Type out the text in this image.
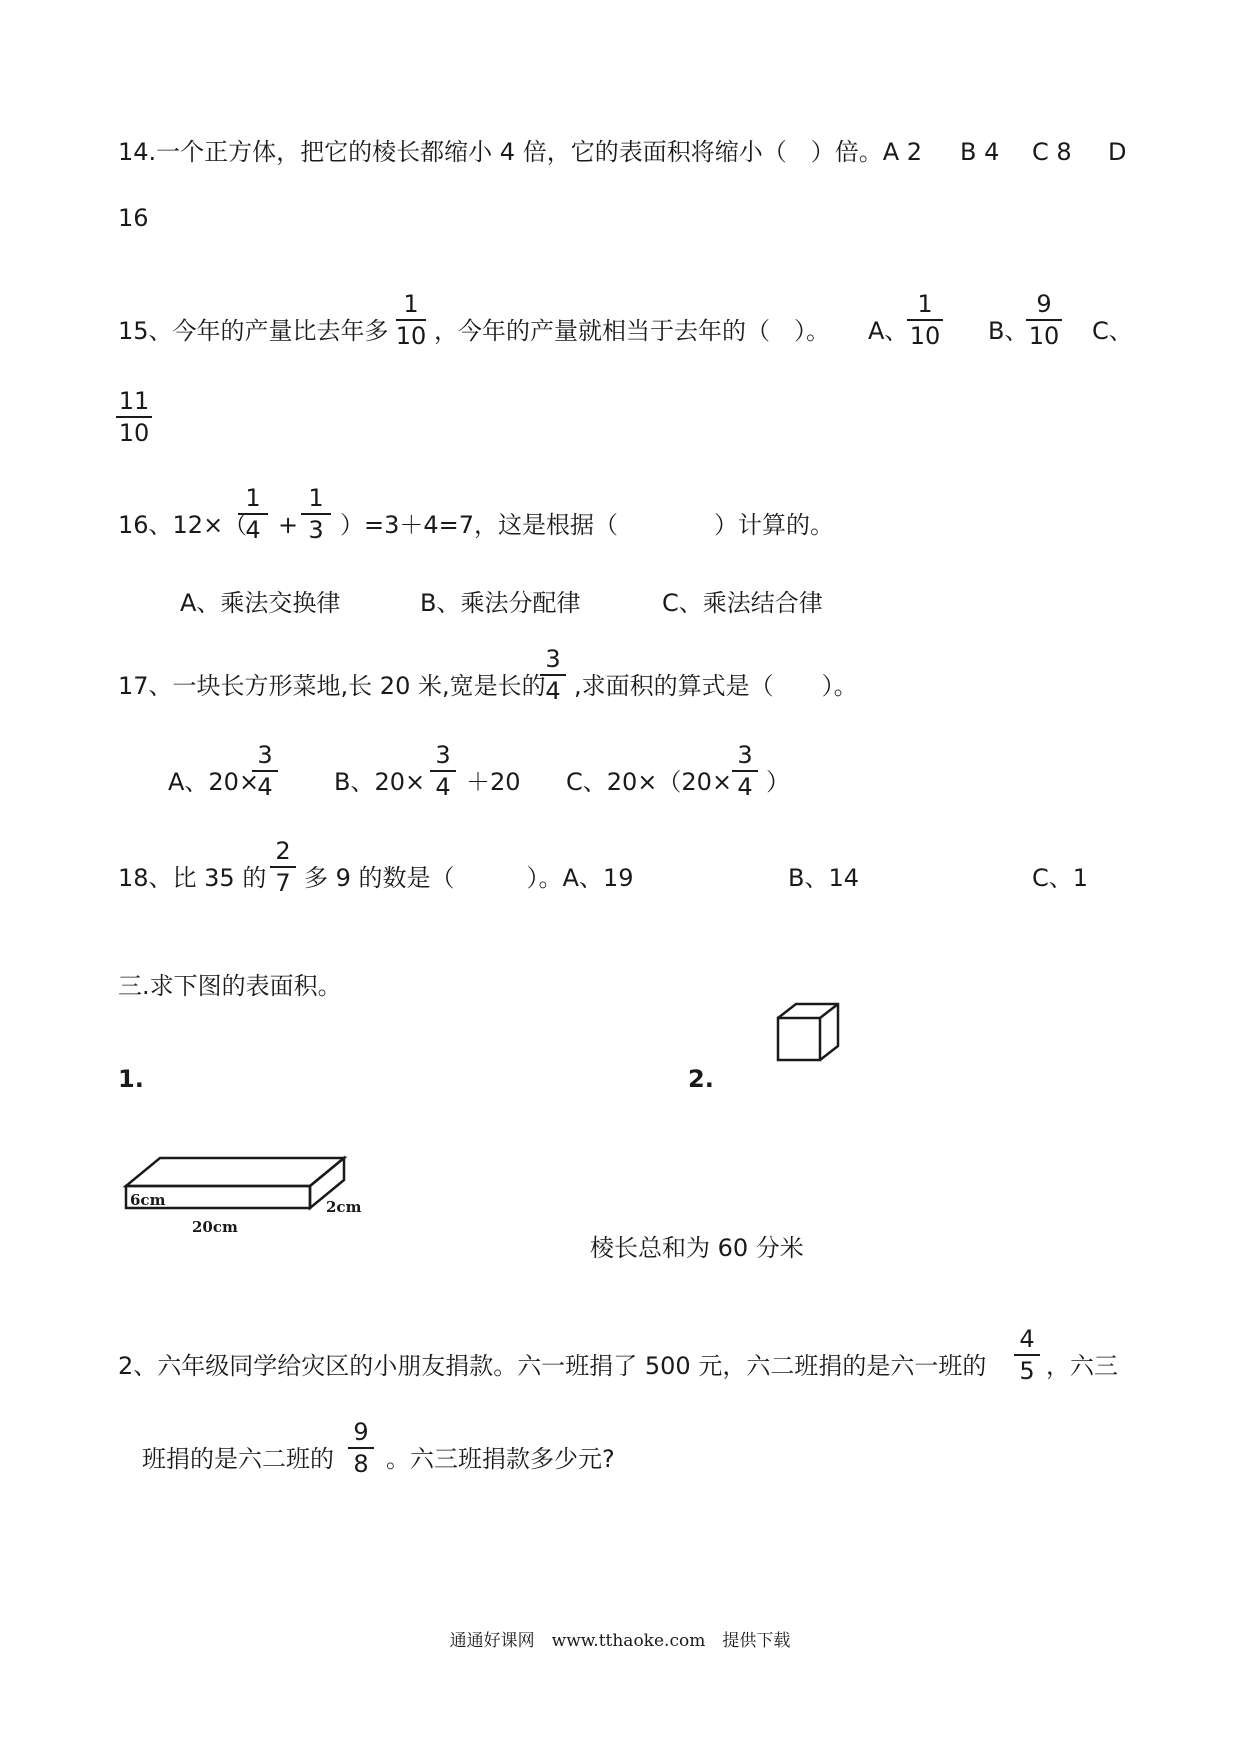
14.一个正方体，把它的棱长都缩小 4 倍，它的表面积将缩小（　）倍。A 2 B 4 C 8 D
16
15、今年的产量比去年多
1
10 ，今年的产量就相当于去年的（　）。 A、
1
10 B、
9
10 C、
11
10
16、12×（
1
4 +
1
3 ）=3＋4=7，这是根据（　　　　）计算的。
A、乘法交换律	B、乘法分配律	C、乘法结合律
17、一块长方形菜地,长 20 米,宽是长的
3
4 ,求面积的算式是（　　）。
A、20×
3
4	B、20×
3
4 ＋20 C、20×（20×
3
4 ）
18、比 35 的
2
7 多 9 的数是（　　　）。A、19	B、14	C、1
三.求下图的表面积。
1.	2.
6cm	2cm
20cm
棱长总和为 60 分米
2、六年级同学给灾区的小朋友捐款。六一班捐了 500 元，六二班捐的是六一班的
4
5 ，六三
班捐的是六二班的
9
8 。六三班捐款多少元?
通通好课网　www.tthaoke.com　提供下载
